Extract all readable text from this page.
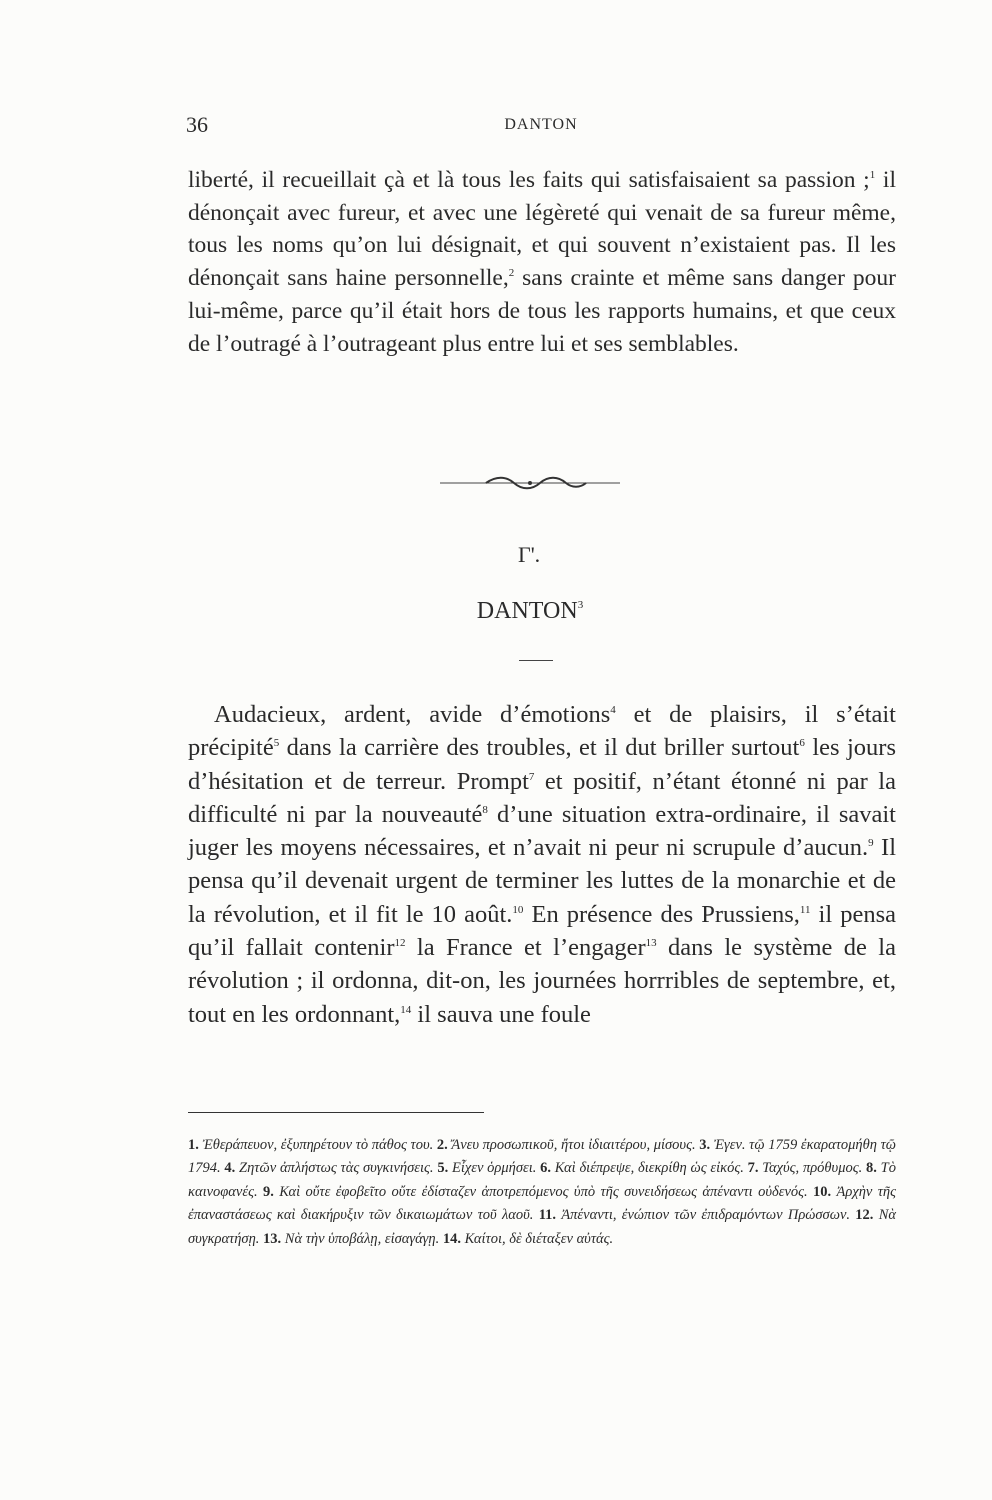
36	DANTON

liberté, il recueillait çà et là tous les faits qui satisfaisaient sa passion ;$^1$ il dénonçait avec fureur, et avec une légèreté qui venait de sa fureur même, tous les noms qu’on lui désignait, et qui souvent n’existaient pas. Il les dénonçait sans haine personnelle,$^2$ sans crainte et même sans danger pour lui-même, parce qu’il était hors de tous les rapports humains, et que ceux de l’outragé à l’outrageant plus entre lui et ses semblables.

Γ'.
DANTON$^3$

Audacieux, ardent, avide d’émotions$^4$ et de plaisirs, il s’était précipité$^5$ dans la carrière des troubles, et il dut briller surtout$^6$ les jours d’hésitation et de terreur. Prompt$^7$ et positif, n’étant étonné ni par la difficulté ni par la nouveauté$^8$ d’une situation extra-ordinaire, il savait juger les moyens nécessaires, et n’avait ni peur ni scrupule d’aucun.$^9$ Il pensa qu’il devenait urgent de terminer les luttes de la monarchie et de la révolution, et il fit le 10 août.$^{10}$ En présence des Prussiens,$^{11}$ il pensa qu’il fallait contenir$^{12}$ la France et l’engager$^{13}$ dans le système de la révolution ; il ordonna, dit-on, les journées horrribles de septembre, et, tout en les ordonnant,$^{14}$ il sauva une foule

1. Ἐθεράπευον, ἐξυπηρέτουν τὸ πάθος του. 2. Ἄνευ προσωπικοῦ, ἤτοι ἰδιαιτέρου, μίσους. 3. Ἐγεν. τῷ 1759 ἐκαρατομήθη τῷ 1794. 4. Ζητῶν ἀπλήστως τὰς συγκινήσεις. 5. Εἶχεν ὁρμήσει. 6. Καὶ διέπρεψε, διεκρίθη ὡς εἰκός. 7. Ταχύς, πρόθυμος. 8. Τὸ καινοφανές. 9. Καὶ οὔτε ἐφοβεῖτο οὔτε ἐδίσταζεν ἀποτρεπόμενος ὑπὸ τῆς συνειδήσεως ἀπέναντι οὐδενός. 10. Ἀρχὴν τῆς ἐπαναστάσεως καὶ διακήρυξιν τῶν δικαιωμάτων τοῦ λαοῦ. 11. Ἀπέναντι, ἐνώπιον τῶν ἐπιδραμόντων Πρώσσων. 12. Νὰ συγκρατήσῃ. 13. Νὰ τὴν ὑποβάλῃ, εἰσαγάγῃ. 14. Καίτοι, δὲ διέταξεν αὐτάς.
